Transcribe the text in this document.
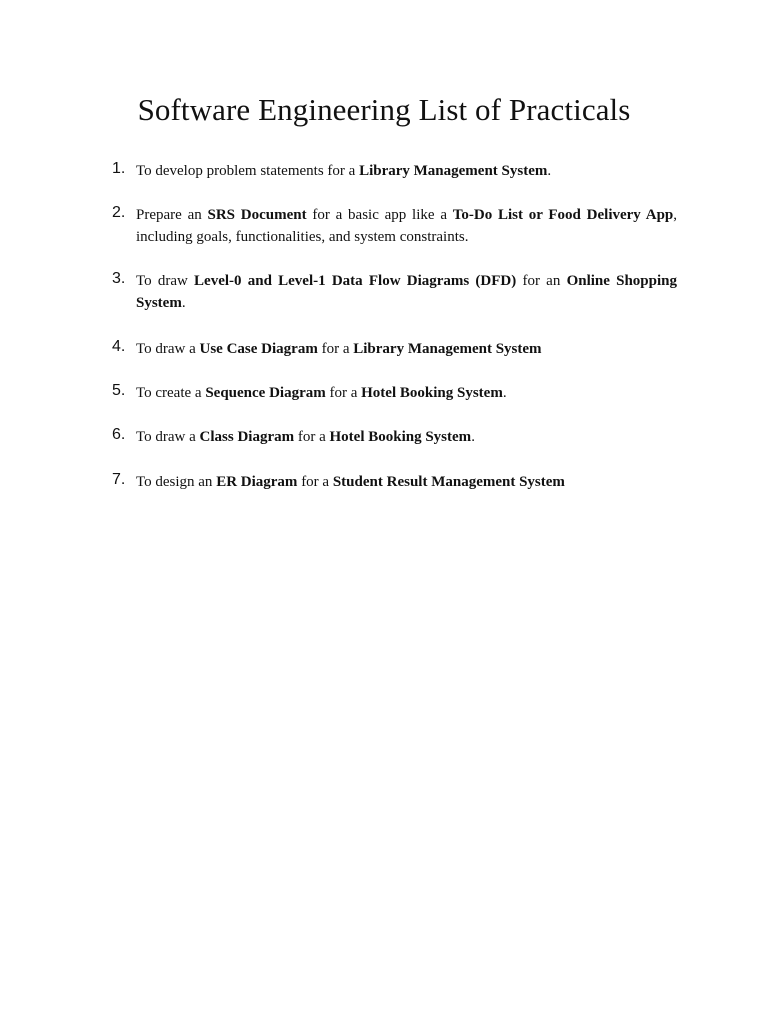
Software Engineering List of Practicals
1. To develop problem statements for a Library Management System.
2. Prepare an SRS Document for a basic app like a To-Do List or Food Delivery App, including goals, functionalities, and system constraints.
3. To draw Level-0 and Level-1 Data Flow Diagrams (DFD) for an Online Shopping System.
4. To draw a Use Case Diagram for a Library Management System
5. To create a Sequence Diagram for a Hotel Booking System.
6. To draw a Class Diagram for a Hotel Booking System.
7. To design an ER Diagram for a Student Result Management System
